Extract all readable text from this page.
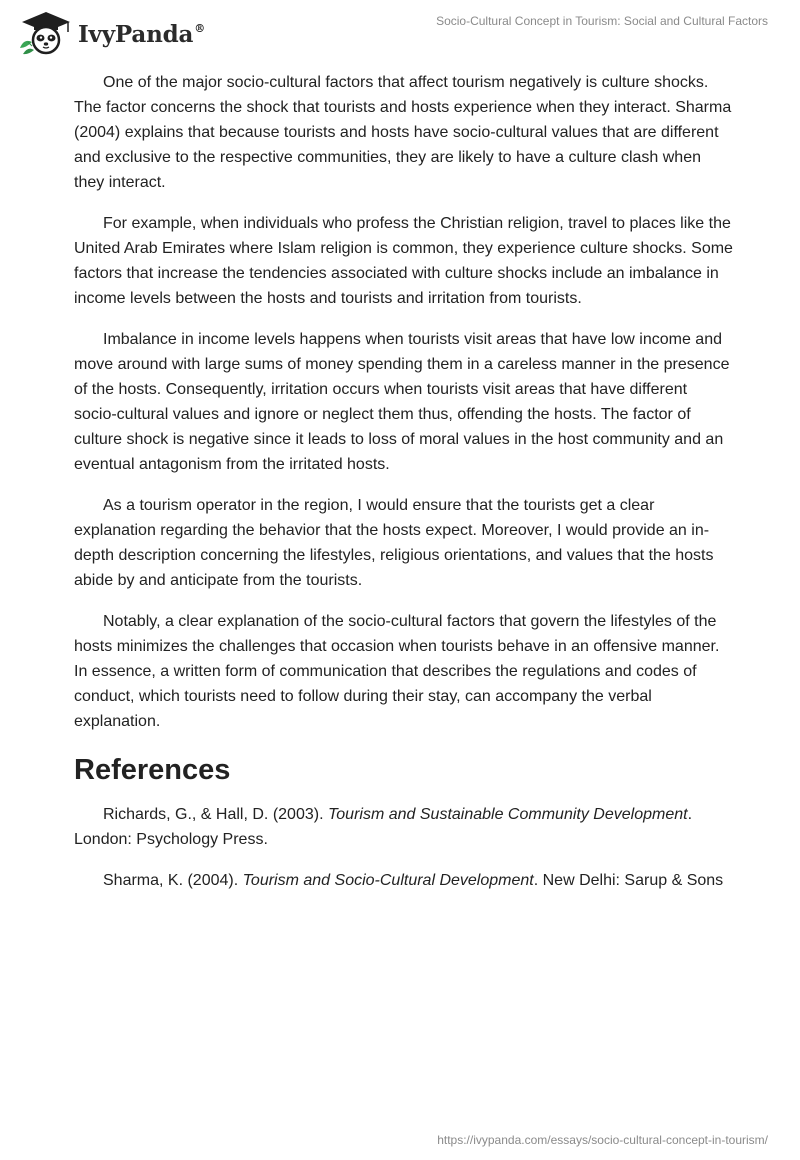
IvyPanda®	Socio-Cultural Concept in Tourism: Social and Cultural Factors

One of the major socio-cultural factors that affect tourism negatively is culture shocks. The factor concerns the shock that tourists and hosts experience when they interact. Sharma (2004) explains that because tourists and hosts have socio-cultural values that are different and exclusive to the respective communities, they are likely to have a culture clash when they interact.

For example, when individuals who profess the Christian religion, travel to places like the United Arab Emirates where Islam religion is common, they experience culture shocks. Some factors that increase the tendencies associated with culture shocks include an imbalance in income levels between the hosts and tourists and irritation from tourists.

Imbalance in income levels happens when tourists visit areas that have low income and move around with large sums of money spending them in a careless manner in the presence of the hosts. Consequently, irritation occurs when tourists visit areas that have different socio-cultural values and ignore or neglect them thus, offending the hosts. The factor of culture shock is negative since it leads to loss of moral values in the host community and an eventual antagonism from the irritated hosts.

As a tourism operator in the region, I would ensure that the tourists get a clear explanation regarding the behavior that the hosts expect. Moreover, I would provide an in-depth description concerning the lifestyles, religious orientations, and values that the hosts abide by and anticipate from the tourists.

Notably, a clear explanation of the socio-cultural factors that govern the lifestyles of the hosts minimizes the challenges that occasion when tourists behave in an offensive manner. In essence, a written form of communication that describes the regulations and codes of conduct, which tourists need to follow during their stay, can accompany the verbal explanation.

References

Richards, G., & Hall, D. (2003). Tourism and Sustainable Community Development. London: Psychology Press.

Sharma, K. (2004). Tourism and Socio-Cultural Development. New Delhi: Sarup & Sons

https://ivypanda.com/essays/socio-cultural-concept-in-tourism/
